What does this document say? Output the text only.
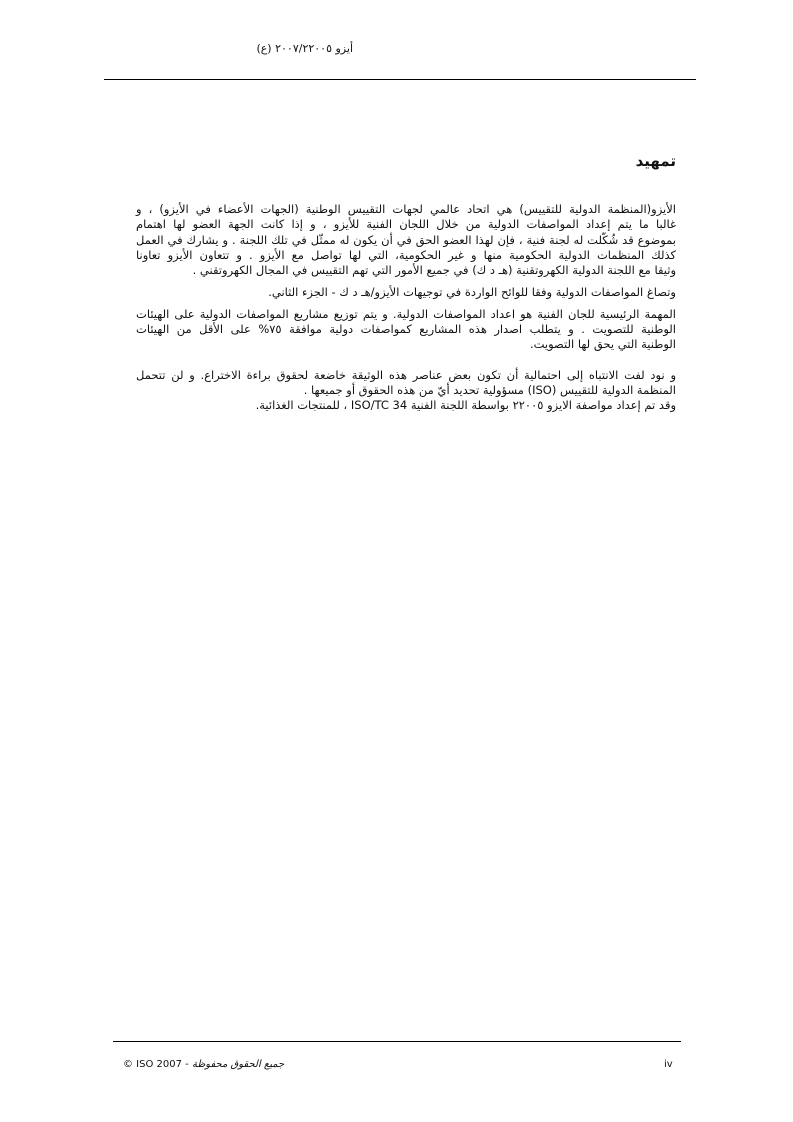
أيزو ٢٠٠٧/٢٢٠٠٥ (ع)
تمهيد
الأيزو(المنظمة الدولية للتقييس) هي اتحاد عالمي لجهات التقييس الوطنية (الجهات الأعضاء في الأيزو) ، و
غالبا ما يتم إعداد المواصفات الدولية من خلال اللجان الفنية للأيزو ، و إذا كانت الجهة العضو لها اهتمام
بموضوع قد شُكّلت له لجنة فنية ، فإن لهذا العضو الحق في أن يكون له ممثّل في تلك اللجنة . و يشارك في العمل
كذلك المنظمات الدولية الحكومية منها و غير الحكومية، التي لها تواصل مع الأيزو . و تتعاون الأيزو تعاونا
وثيقا مع اللجنة الدولية الكهروتقنية (هـ د ك) في جميع الأمور التي تهم التقييس في المجال الكهروتقني .
وتصاغ المواصفات الدولية وفقا للوائح الواردة في توجيهات الأيزو/هـ د ك - الجزء الثاني.
المهمة الرئيسية للجان الفنية هو اعداد المواصفات الدولية. و يتم توزيع مشاريع المواصفات الدولية على الهيئات
الوطنية للتصويت . و يتطلب اصدار هذه المشاريع كمواصفات دولية موافقة ٧٥% على الأقل من الهيئات
الوطنية التي يحق لها التصويت.
و نود لفت الانتباه إلى احتمالية أن تكون بعض عناصر هذه الوثيقة خاضعة لحقوق براءة الاختراع. و لن تتحمل
المنظمة الدولية للتقييس (ISO) مسؤولية تحديد أيّ من هذه الحقوق أو جميعها .
وقد تم إعداد مواصفة الايزو ٢٢٠٠٥ بواسطة اللجنة الفنية ISO/TC 34 ، للمنتجات الغذائية.
© ISO 2007 - جميع الحقوق محفوظة	iv
